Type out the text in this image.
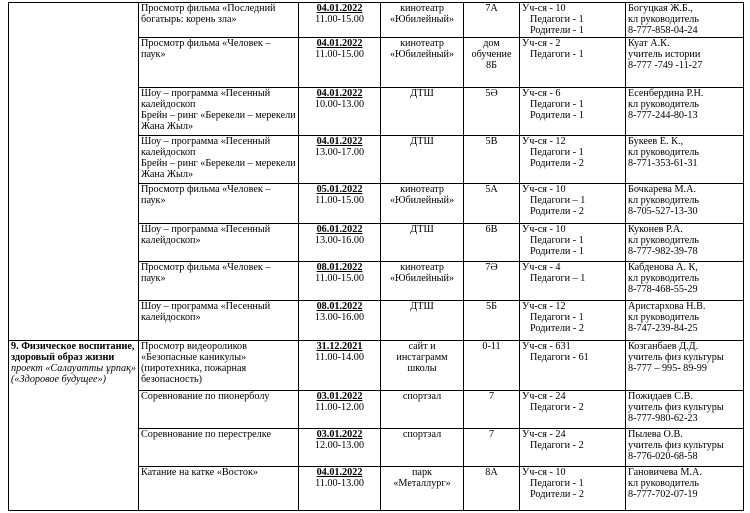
	Просмотр фильма «Последний богатырь: корень зла»	04.01.2022
11.00-15.00	кинотеатр
«Юбилейный»	7А	Уч-ся - 10
Педагоги - 1
Родители - 1	Богуцкая Ж.Б.,
кл руководитель
8-777-858-04-24

	Просмотр фильма «Человек – паук»	04.01.2022
11.00-15.00	кинотеатр
«Юбилейный»	дом
обучение
8Б	Уч-ся - 2
Педагоги - 1	Куат А.К.
учитель истории
8-777 -749 -11-27

	Шоу – программа «Песенный калейдоскоп
Брейн – ринг «Берекели – мерекели Жана Жыл»	04.01.2022
10.00-13.00	ДТШ	5Ә	Уч-ся - 6
Педагоги - 1
Родители - 1	Есенбердина Р.Н.
кл руководитель
8-777-244-80-13

	Шоу – программа «Песенный калейдоскоп
Брейн – ринг «Берекели – мерекели Жана Жыл»	04.01.2022
13.00-17.00	ДТШ	5В	Уч-ся - 12
Педагоги - 1
Родители - 2	Букеев Е. К.,
кл руководитель
8-771-353-61-31

	Просмотр фильма «Человек – паук»	05.01.2022
11.00-15.00	кинотеатр
«Юбилейный»	5А	Уч-ся - 10
Педагоги – 1
Родители - 2	Бочкарева М.А.
кл руководитель
8-705-527-13-30

	Шоу – программа «Песенный калейдоскоп»	06.01.2022
13.00-16.00	ДТШ	6В	Уч-ся - 10
Педагоги - 1
Родители - 1	Куконев Р.А.
кл руководитель
8-777-982-39-78

	Просмотр фильма «Человек – паук»	08.01.2022
11.00-15.00	кинотеатр
«Юбилейный»	7Ә	Уч-ся - 4
Педагоги – 1	Кабденова А. К,
кл руководитель
8-778-468-55-29

	Шоу – программа «Песенный калейдоскоп»	08.01.2022
13.00-16.00	ДТШ	5Б	Уч-ся - 12
Педагоги - 1
Родители - 2	Аристархова Н.В.
кл руководитель
8-747-239-84-25

9. Физическое воспитание, здоровый образ жизни
проект «Салауатты ұрпақ» («Здоровое будущее»)	Просмотр видеороликов «Безопасные каникулы» (пиротехника, пожарная безопасность)	31.12.2021
11.00-14.00	сайт и
инстаграмм
школы	0-11	Уч-ся - 631
Педагоги - 61	Козганбаев Д.Д.
учитель физ культуры
8-777 – 995- 89-99

	Соревнование по пионерболу	03.01.2022
11.00-12.00	спортзал	7	Уч-ся - 24
Педагоги - 2	Пожидаев С.В.
учитель физ культуры
8-777-980-62-23

	Соревнование по перестрелке	03.01.2022
12.00-13.00	спортзал	7	Уч-ся - 24
Педагоги - 2	Пылева О.В.
учитель физ культуры
8-776-020-68-58

	Катание на катке «Восток»	04.01.2022
11.00-13.00	парк
«Металлург»	8А	Уч-ся - 10
Педагоги - 1
Родители - 2	Гановичева М.А.
кл руководитель
8-777-702-07-19
